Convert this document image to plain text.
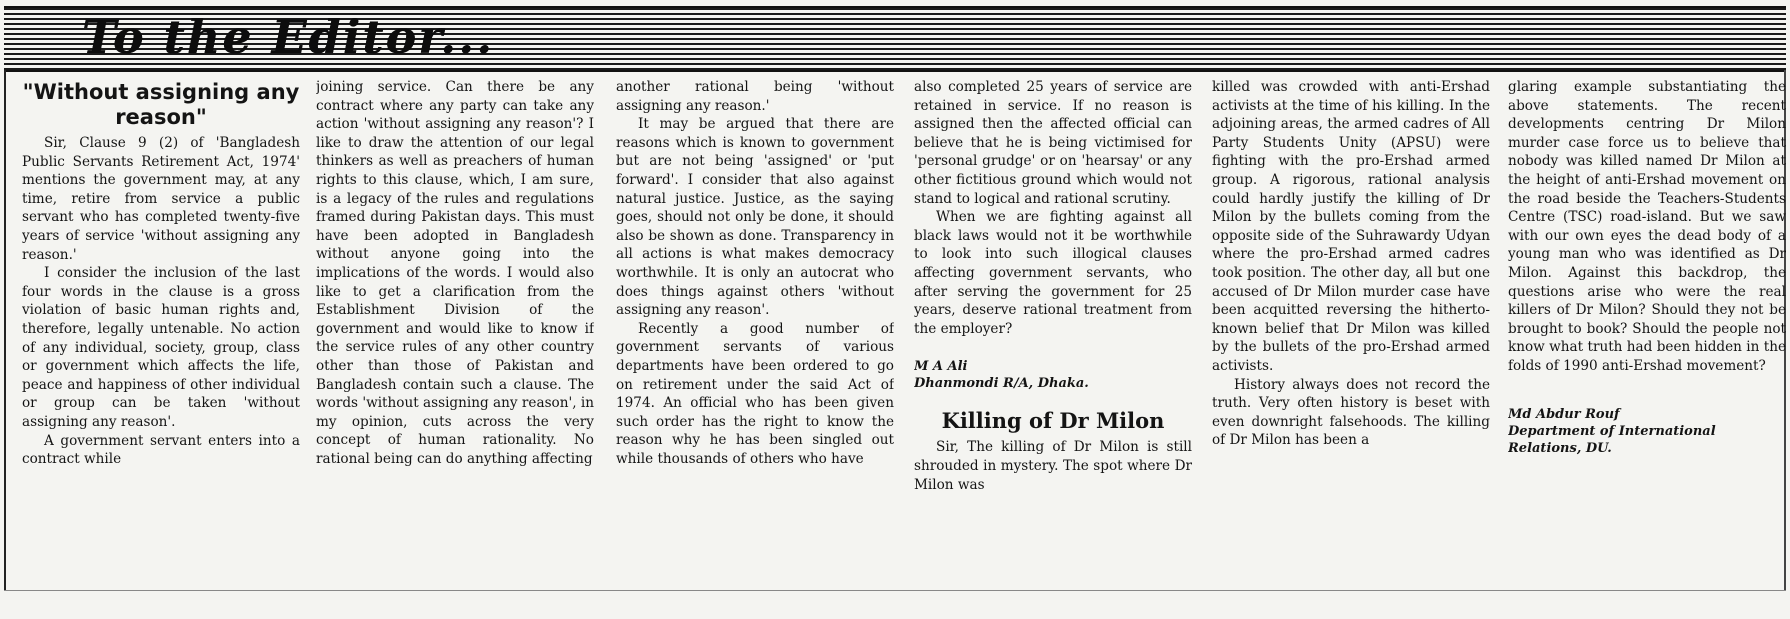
To the Editor...
"Without assigning any reason"

Sir, Clause 9 (2) of 'Bangladesh Public Servants Retirement Act, 1974' mentions the government may, at any time, retire from service a public servant who has completed twenty-five years of service 'without assigning any reason.'

I consider the inclusion of the last four words in the clause is a gross violation of basic human rights and, therefore, legally untenable. No action of any individual, society, group, class or government which affects the life, peace and happiness of other individual or group can be taken 'without assigning any reason'.

A government servant enters into a contract while

joining service. Can there be any contract where any party can take any action 'without assigning any reason'? I like to draw the attention of our legal thinkers as well as preachers of human rights to this clause, which, I am sure, is a legacy of the rules and regulations framed during Pakistan days. This must have been adopted in Bangladesh without anyone going into the implications of the words. I would also like to get a clarification from the Establishment Division of the government and would like to know if the service rules of any other country other than those of Pakistan and Bangladesh contain such a clause. The words 'without assigning any reason', in my opinion, cuts across the very concept of human rationality. No rational being can do anything affecting

another rational being 'without assigning any reason.'

It may be argued that there are reasons which is known to government but are not being 'assigned' or 'put forward'. I consider that also against natural justice. Justice, as the saying goes, should not only be done, it should also be shown as done. Transparency in all actions is what makes democracy worthwhile. It is only an autocrat who does things against others 'without assigning any reason'.

Recently a good number of government servants of various departments have been ordered to go on retirement under the said Act of 1974. An official who has been given such order has the right to know the reason why he has been singled out while thousands of others who have

also completed 25 years of service are retained in service. If no reason is assigned then the affected official can believe that he is being victimised for 'personal grudge' or on 'hearsay' or any other fictitious ground which would not stand to logical and rational scrutiny.

When we are fighting against all black laws would not it be worthwhile to look into such illogical clauses affecting government servants, who after serving the government for 25 years, deserve rational treatment from the employer?

M A Ali
Dhanmondi R/A, Dhaka.
Killing of Dr Milon

Sir, The killing of Dr Milon is still shrouded in mystery. The spot where Dr Milon was

killed was crowded with anti-Ershad activists at the time of his killing. In the adjoining areas, the armed cadres of All Party Students Unity (APSU) were fighting with the pro-Ershad armed group. A rigorous, rational analysis could hardly justify the killing of Dr Milon by the bullets coming from the opposite side of the Suhrawardy Udyan where the pro-Ershad armed cadres took position. The other day, all but one accused of Dr Milon murder case have been acquitted reversing the hitherto-known belief that Dr Milon was killed by the bullets of the pro-Ershad armed activists.

History always does not record the truth. Very often history is beset with even downright falsehoods. The killing of Dr Milon has been a

glaring example substantiating the above statements. The recent developments centring Dr Milon murder case force us to believe that nobody was killed named Dr Milon at the height of anti-Ershad movement on the road beside the Teachers-Students Centre (TSC) road-island. But we saw with our own eyes the dead body of a young man who was identified as Dr Milon. Against this backdrop, the questions arise who were the real killers of Dr Milon? Should they not be brought to book? Should the people not know what truth had been hidden in the folds of 1990 anti-Ershad movement?

Md Abdur Rouf
Department of International Relations, DU.
